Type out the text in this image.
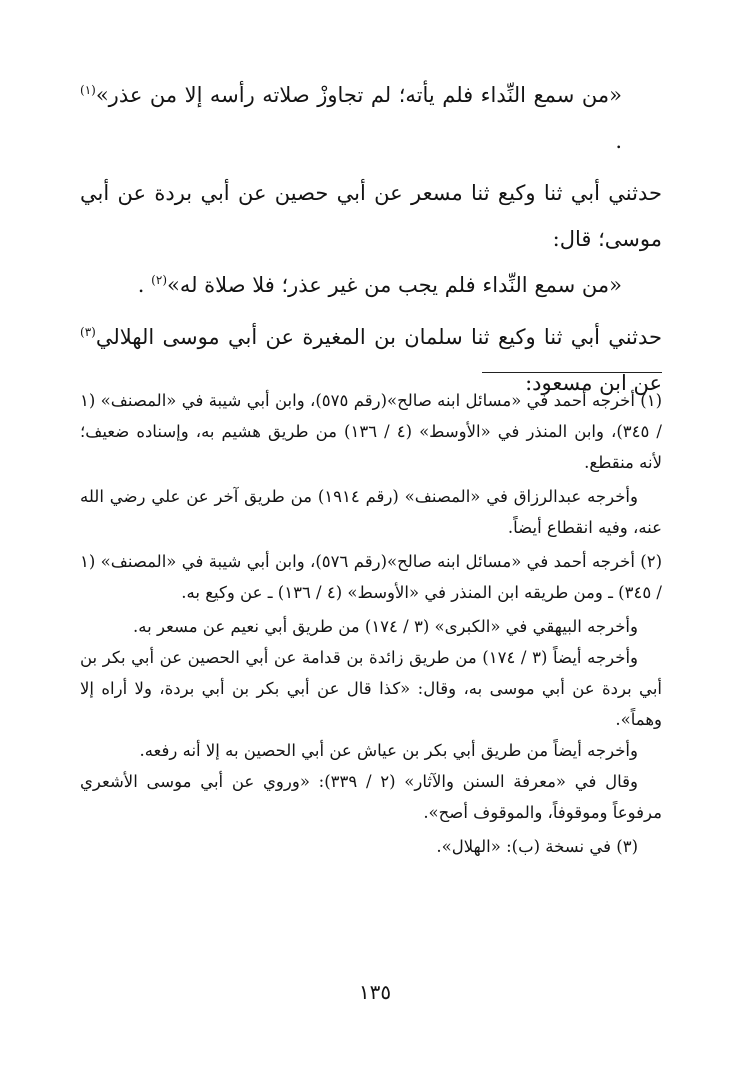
«من سمع النِّداء فلم يأته؛ لم تجاوزْ صلاته رأسه إلا من عذر»$^{(١)}$ .

حدثني أبي ثنا وكيع ثنا مسعر عن أبي حصين عن أبي بردة عن أبي موسى؛ قال:

«من سمع النِّداء فلم يجب من غير عذر؛ فلا صلاة له»$^{(٢)}$ .

حدثني أبي ثنا وكيع ثنا سلمان بن المغيرة عن أبي موسى الهلالي$^{(٣)}$ عن ابن مسعود:

(١) أخرجه أحمد في «مسائل ابنه صالح»(رقم ٥٧٥)، وابن أبي شيبة في «المصنف» (١ / ٣٤٥)، وابن المنذر في «الأوسط» (٤ / ١٣٦) من طريق هشيم به، وإسناده ضعيف؛ لأنه منقطع.

وأخرجه عبدالرزاق في «المصنف» (رقم ١٩١٤) من طريق آخر عن علي رضي الله عنه، وفيه انقطاع أيضاً.

(٢) أخرجه أحمد في «مسائل ابنه صالح»(رقم ٥٧٦)، وابن أبي شيبة في «المصنف» (١ / ٣٤٥) ـ ومن طريقه ابن المنذر في «الأوسط» (٤ / ١٣٦) ـ عن وكيع به.

وأخرجه البيهقي في «الكبرى» (٣ / ١٧٤) من طريق أبي نعيم عن مسعر به.

وأخرجه أيضاً (٣ / ١٧٤) من طريق زائدة بن قدامة عن أبي الحصين عن أبي بكر بن أبي بردة عن أبي موسى به، وقال: «كذا قال عن أبي بكر بن أبي بردة، ولا أراه إلا وهماً».

وأخرجه أيضاً من طريق أبي بكر بن عياش عن أبي الحصين به إلا أنه رفعه.

وقال في «معرفة السنن والآثار» (٢ / ٣٣٩): «وروي عن أبي موسى الأشعري مرفوعاً وموقوفاً، والموقوف أصح».

(٣) في نسخة (ب): «الهلال».

١٣٥
